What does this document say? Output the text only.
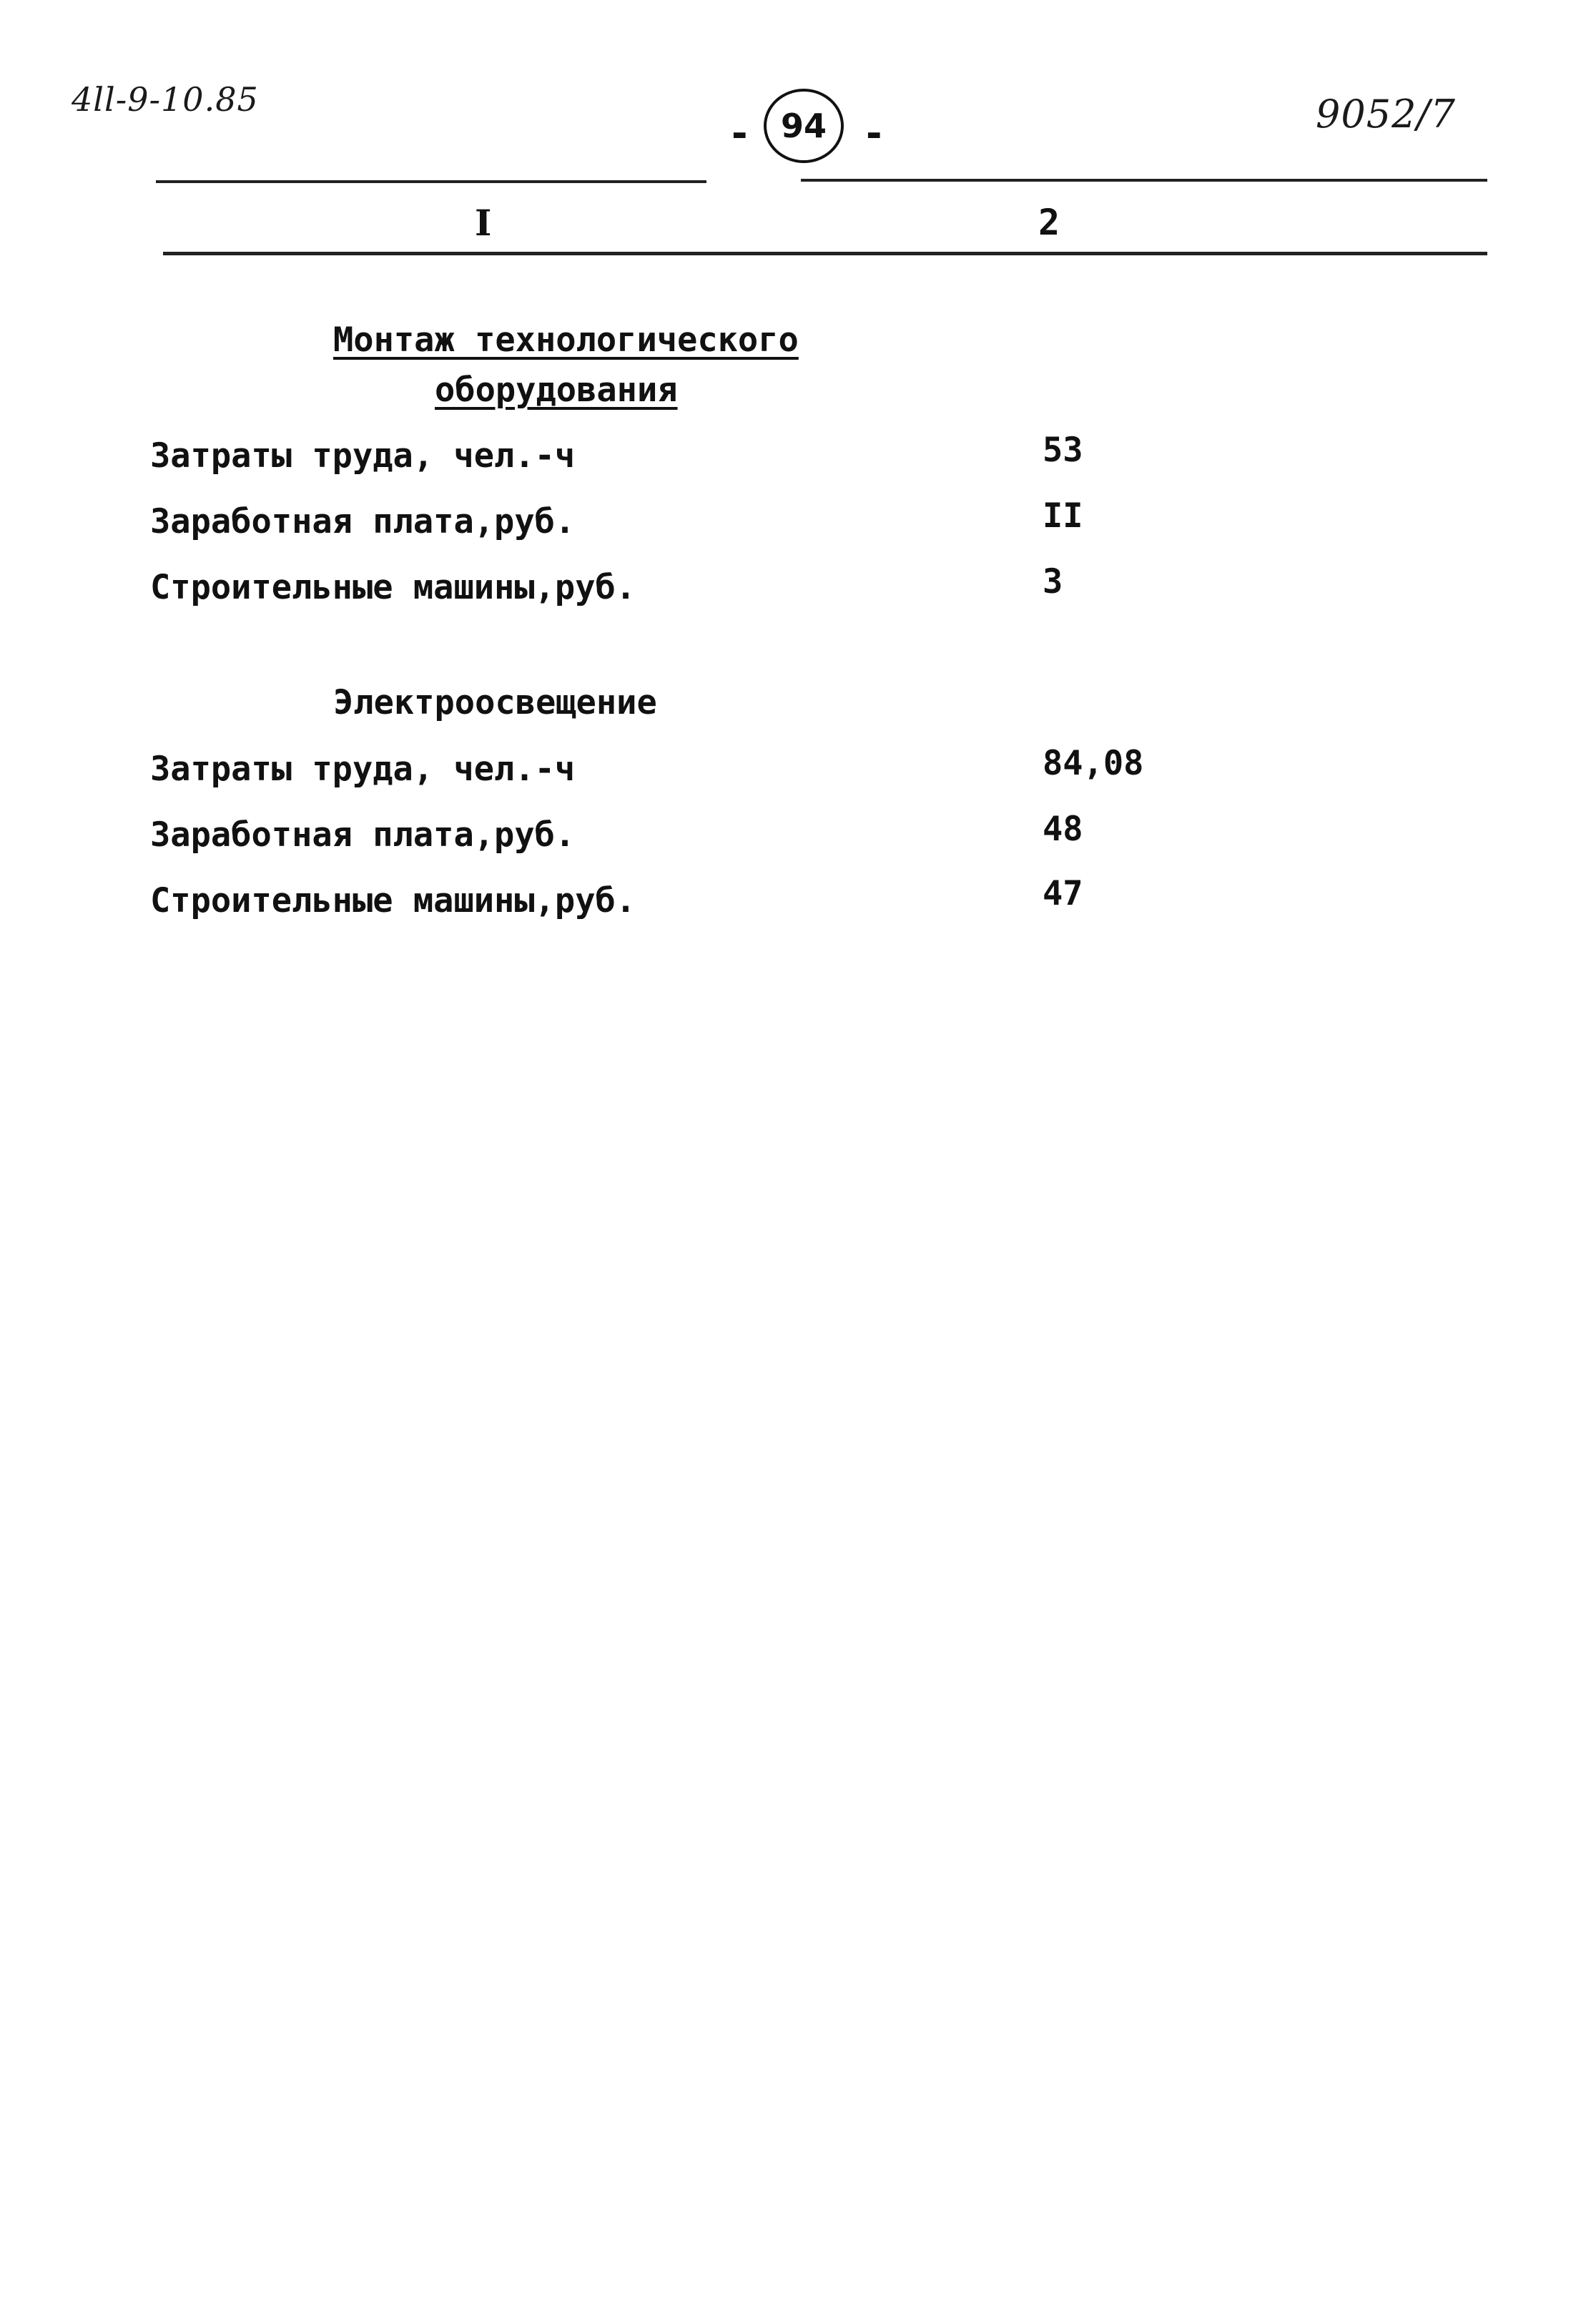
4ll-9-10.85
- 94 -	9052/7
I	2
Монтаж технологического
оборудования
Затраты труда, чел.-ч	53
Заработная плата,руб.	II
Строительные машины,руб.	3
Электроосвещение
Затраты труда, чел.-ч	84,08
Заработная плата,руб.	48
Строительные машины,руб.	47
